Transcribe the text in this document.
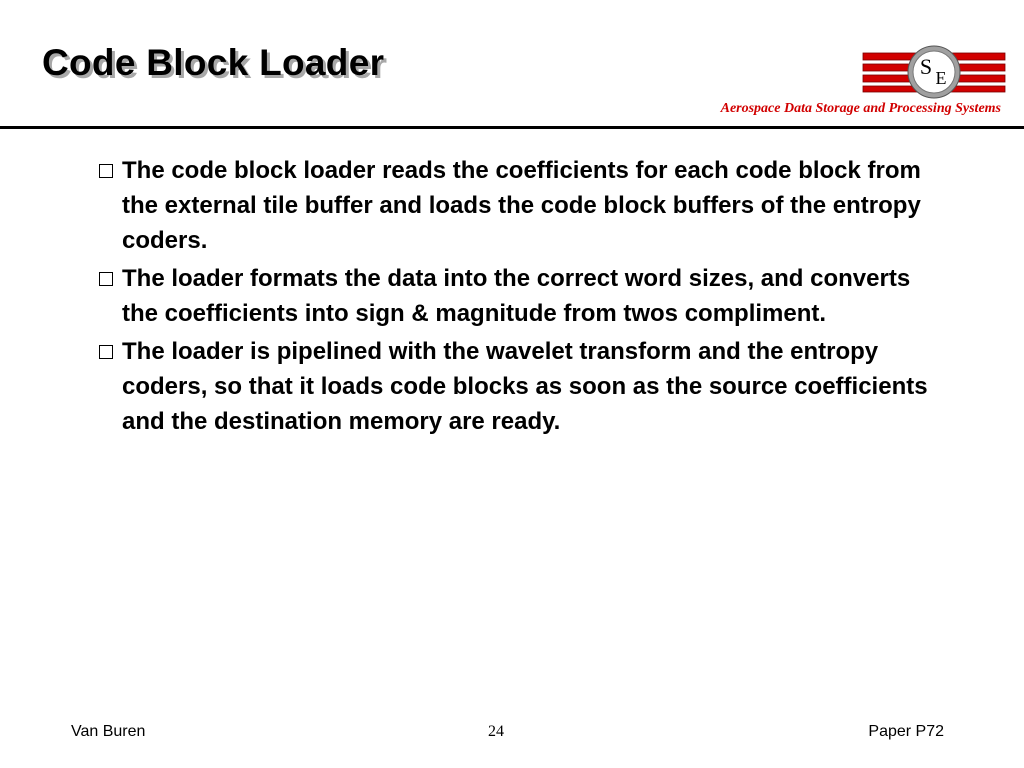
Code Block Loader	S E
Aerospace Data Storage and Processing Systems
The code block loader reads the coefficients for each code block from the external tile buffer and loads the code block buffers of the entropy coders.
The loader formats the data into the correct word sizes, and converts the coefficients into sign & magnitude from twos compliment.
The loader is pipelined with the wavelet transform and the entropy coders, so that it loads code blocks as soon as the source coefficients and the destination memory are ready.
Van Buren	24	Paper P72
